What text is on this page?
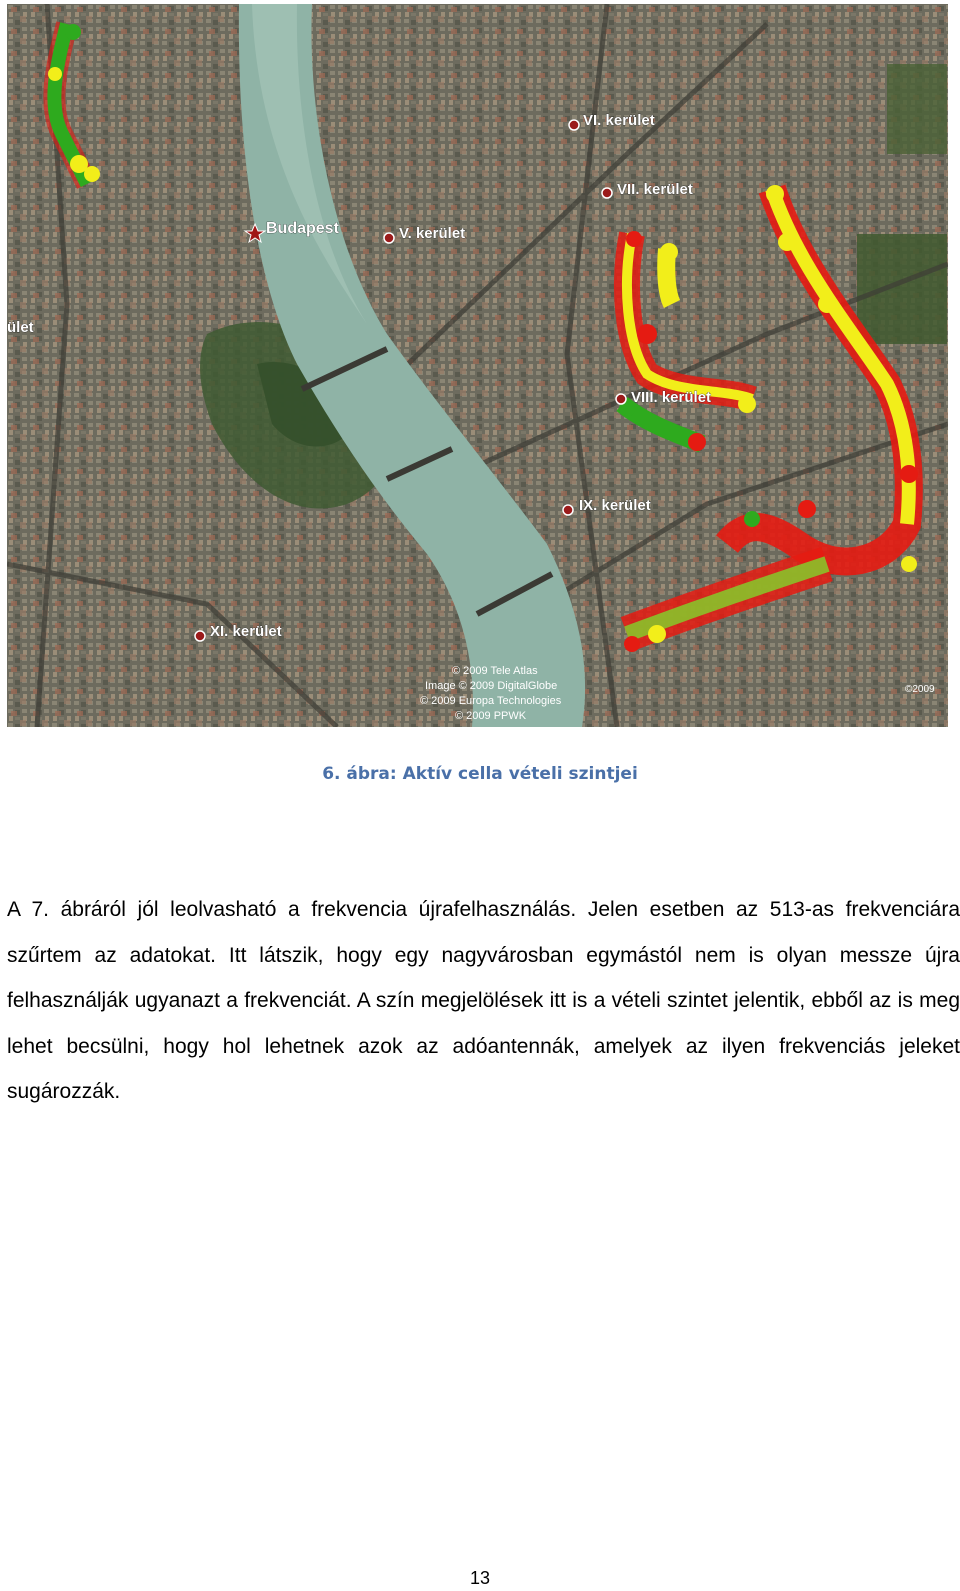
VI. kerület
VII. kerület
Budapest	V. kerület
VIII. kerület
IX. kerület
XI. kerület
ület
© 2009 Tele Atlas
Image © 2009 DigitalGlobe
© 2009 Europa Technologies
© 2009 PPWK
©2009
6. ábra: Aktív cella vételi szintjei

A 7. ábráról jól leolvasható a frekvencia újrafelhasználás. Jelen esetben az 513-as frekvenciára szűrtem az adatokat. Itt látszik, hogy egy nagyvárosban egymástól nem is olyan messze újra felhasználják ugyanazt a frekvenciát. A szín megjelölések itt is a vételi szintet jelentik, ebből az is meg lehet becsülni, hogy hol lehetnek azok az adóantennák, amelyek az ilyen frekvenciás jeleket sugározzák.

13
